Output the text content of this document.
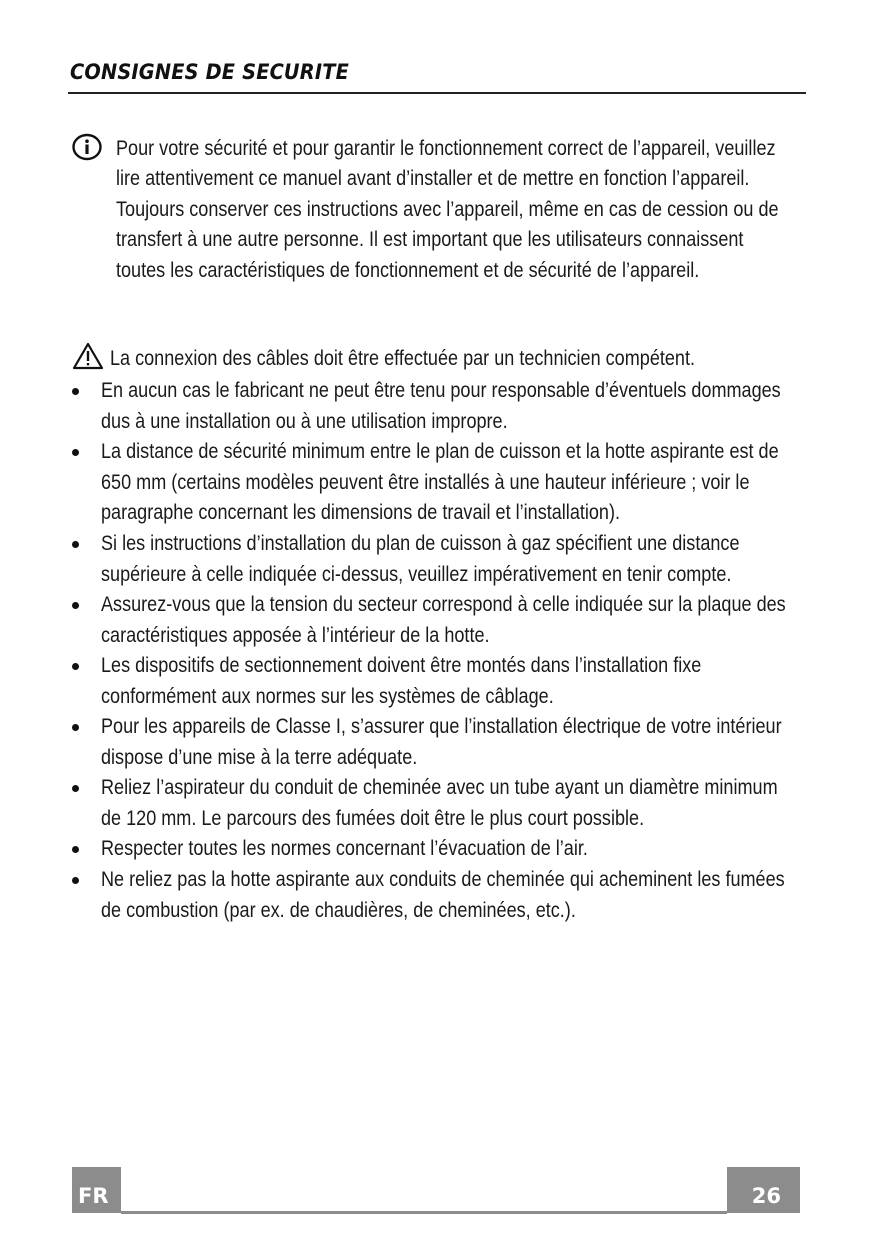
CONSIGNES DE SECURITE
Pour votre sécurité et pour garantir le fonctionnement correct de l’appareil, veuillez lire attentivement ce manuel avant d’installer et de mettre en fonction l’appareil. Toujours conserver ces instructions avec l’appareil, même en cas de cession ou de transfert à une autre personne. Il est important que les utilisateurs connaissent toutes les caractéristiques de fonctionnement et de sécurité de l’appareil.
La connexion des câbles doit être effectuée par un technicien compétent.
En aucun cas le fabricant ne peut être tenu pour responsable d’éventuels dommages dus à une installation ou à une utilisation impropre.
La distance de sécurité minimum entre le plan de cuisson et la hotte aspirante est de 650 mm (certains modèles peuvent être installés à une hauteur inférieure ; voir le paragraphe concernant les dimensions de travail et l’installation).
Si les instructions d’installation du plan de cuisson à gaz spécifient une distance supérieure à celle indiquée ci-dessus, veuillez impérativement en tenir compte.
Assurez-vous que la tension du secteur correspond à celle indiquée sur la plaque des caractéristiques apposée à l’intérieur de la hotte.
Les dispositifs de sectionnement doivent être montés dans l’installation fixe conformément aux normes sur les systèmes de câblage.
Pour les appareils de Classe I, s’assurer que l’installation électrique de votre intérieur dispose d’une mise à la terre adéquate.
Reliez l’aspirateur du conduit de cheminée avec un tube ayant un diamètre minimum de 120 mm. Le parcours des fumées doit être le plus court possible.
Respecter toutes les normes concernant l’évacuation de l’air.
Ne reliez pas la hotte aspirante aux conduits de cheminée qui acheminent les fumées de combustion (par ex. de chaudières, de cheminées, etc.).
FR	26
